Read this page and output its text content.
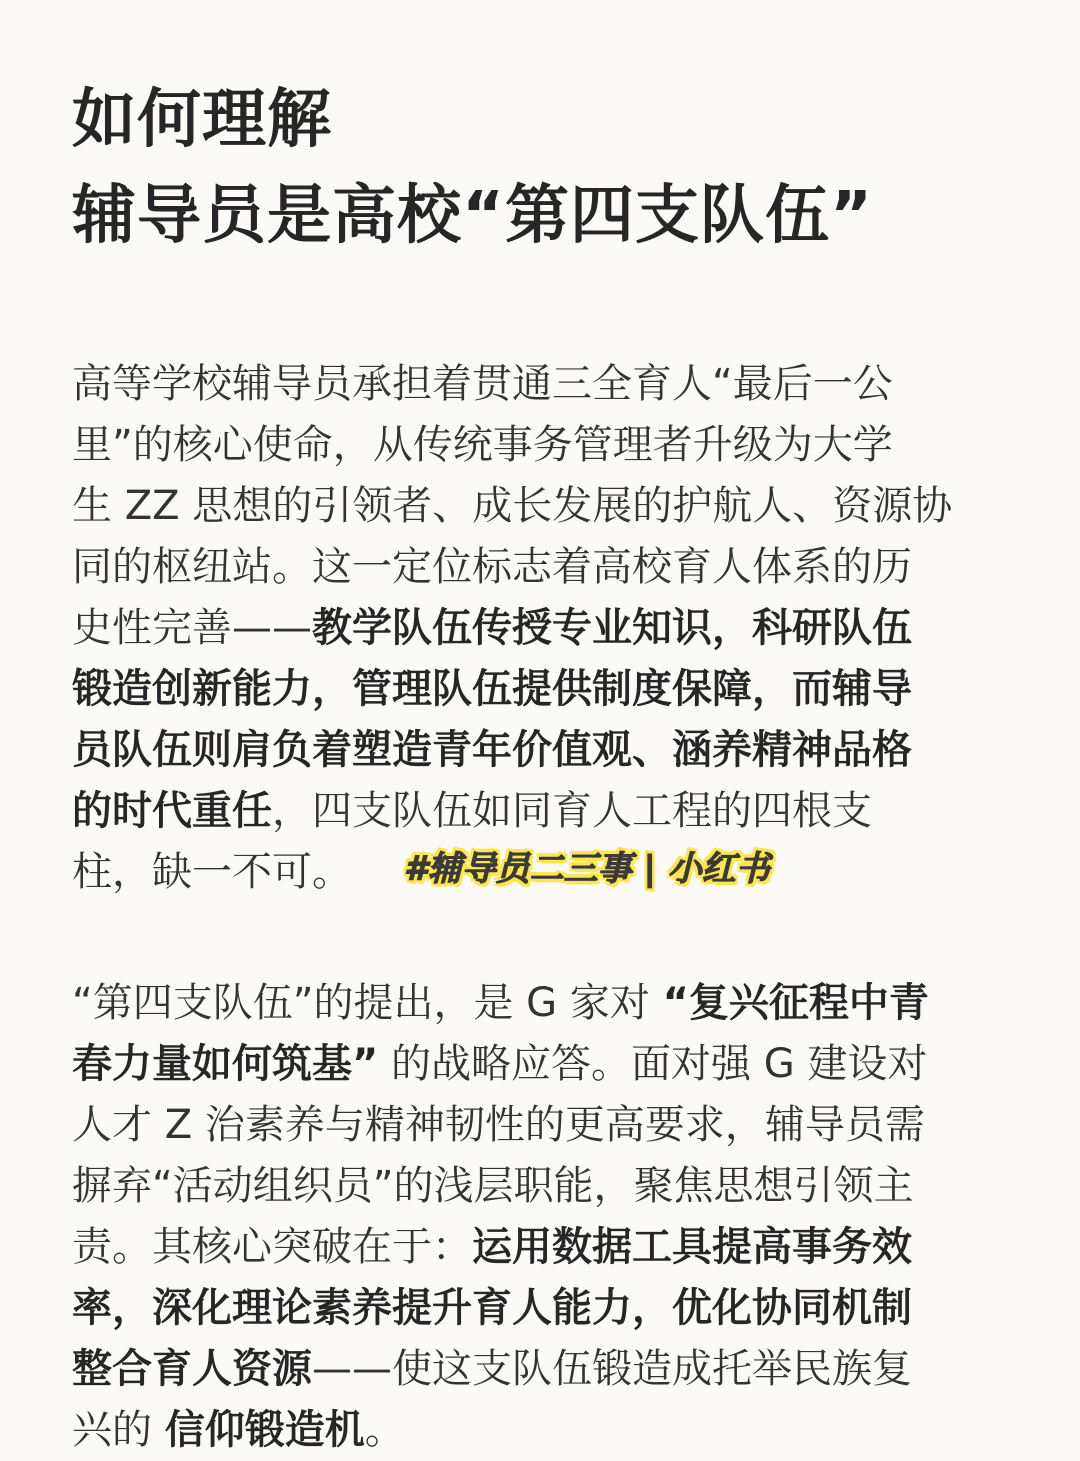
如何理解
辅导员是高校“第四支队伍”

高等学校辅导员承担着贯通三全育人“最后一公
里”的核心使命，从传统事务管理者升级为大学
生 ZZ 思想的引领者、成长发展的护航人、资源协
同的枢纽站。这一定位标志着高校育人体系的历
史性完善——教学队伍传授专业知识，科研队伍
锻造创新能力，管理队伍提供制度保障，而辅导
员队伍则肩负着塑造青年价值观、涵养精神品格
的时代重任，四支队伍如同育人工程的四根支
柱，缺一不可。

“第四支队伍”的提出，是 G 家对 “复兴征程中青
春力量如何筑基” 的战略应答。面对强 G 建设对
人才 Z 治素养与精神韧性的更高要求，辅导员需
摒弃“活动组织员”的浅层职能，聚焦思想引领主
责。其核心突破在于：运用数据工具提高事务效
率，深化理论素养提升育人能力，优化协同机制
整合育人资源——使这支队伍锻造成托举民族复
兴的 信仰锻造机。

#辅导员二三事 | 小红书
